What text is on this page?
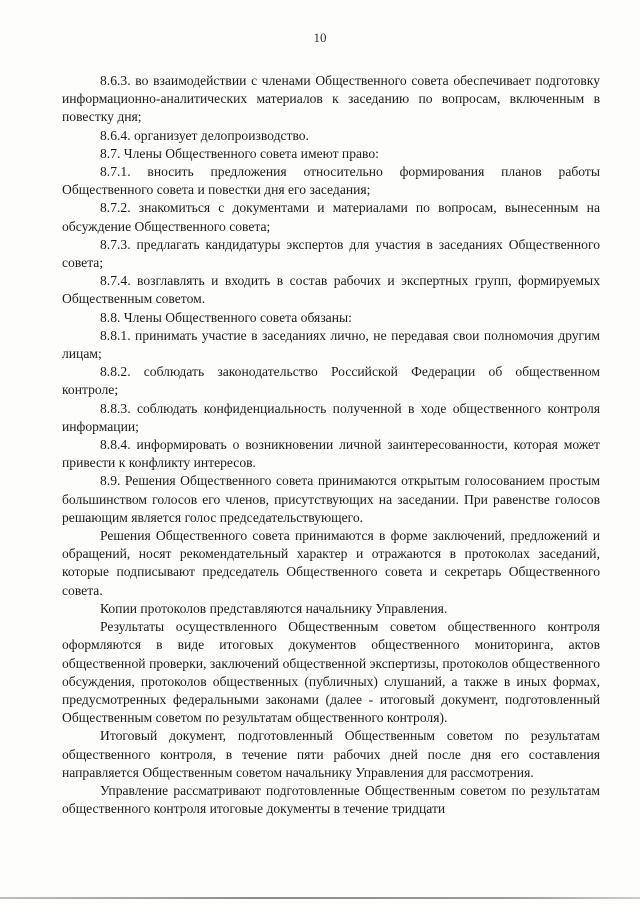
10

8.6.3. во взаимодействии с членами Общественного совета обеспечивает подготовку информационно-аналитических материалов к заседанию по вопросам, включенным в повестку дня;

8.6.4. организует делопроизводство.

8.7. Члены Общественного совета имеют право:

8.7.1. вносить предложения относительно формирования планов работы Общественного совета и повестки дня его заседания;

8.7.2. знакомиться с документами и материалами по вопросам, вынесенным на обсуждение Общественного совета;

8.7.3. предлагать кандидатуры экспертов для участия в заседаниях Общественного совета;

8.7.4. возглавлять и входить в состав рабочих и экспертных групп, формируемых Общественным советом.

8.8. Члены Общественного совета обязаны:

8.8.1. принимать участие в заседаниях лично, не передавая свои полномочия другим лицам;

8.8.2. соблюдать законодательство Российской Федерации об общественном контроле;

8.8.3. соблюдать конфиденциальность полученной в ходе общественного контроля информации;

8.8.4. информировать о возникновении личной заинтересованности, которая может привести к конфликту интересов.

8.9. Решения Общественного совета принимаются открытым голосованием простым большинством голосов его членов, присутствующих на заседании. При равенстве голосов решающим является голос председательствующего.

Решения Общественного совета принимаются в форме заключений, предложений и обращений, носят рекомендательный характер и отражаются в протоколах заседаний, которые подписывают председатель Общественного совета и секретарь Общественного совета.

Копии протоколов представляются начальнику Управления.

Результаты осуществленного Общественным советом общественного контроля оформляются в виде итоговых документов общественного мониторинга, актов общественной проверки, заключений общественной экспертизы, протоколов общественного обсуждения, протоколов общественных (публичных) слушаний, а также в иных формах, предусмотренных федеральными законами (далее - итоговый документ, подготовленный Общественным советом по результатам общественного контроля).

Итоговый документ, подготовленный Общественным советом по результатам общественного контроля, в течение пяти рабочих дней после дня его составления направляется Общественным советом начальнику Управления для рассмотрения.

Управление рассматривают подготовленные Общественным советом по результатам общественного контроля итоговые документы в течение тридцати
